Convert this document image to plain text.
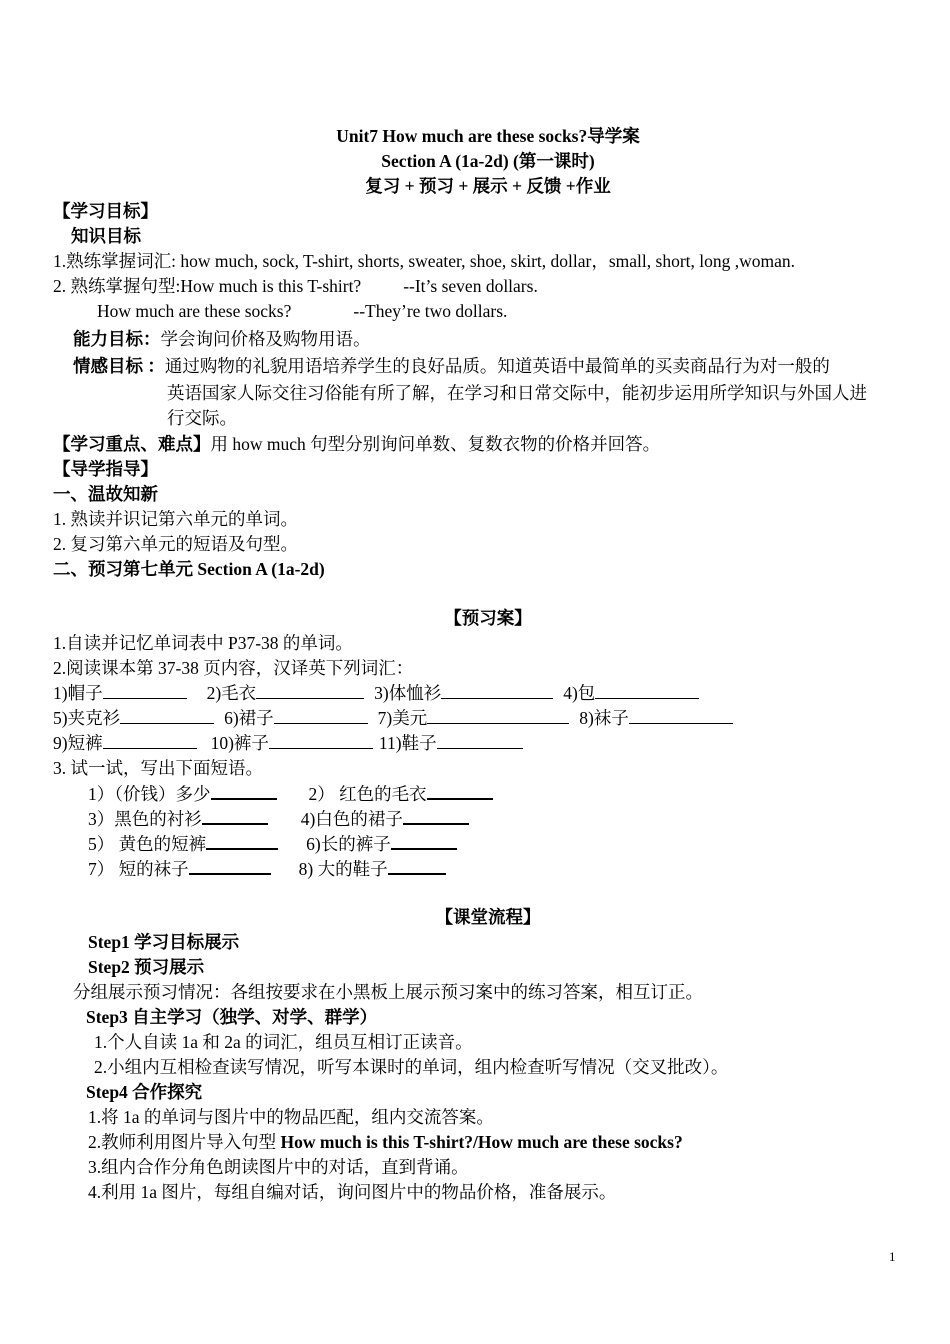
Unit7 How much are these socks?导学案
Section A (1a-2d) (第一课时)
复习 + 预习 + 展示 + 反馈 +作业
【学习目标】
知识目标
1.熟练掌握词汇: how much, sock, T-shirt, shorts, sweater, shoe, skirt, dollar，small, short, long ,woman.
2. 熟练掌握句型:How much is this T-shirt? --It’s seven dollars.
How much are these socks?	--They’re two dollars.
能力目标：学会询问价格及购物用语。
情感目标 ：通过购物的礼貌用语培养学生的良好品质。知道英语中最简单的买卖商品行为对一般的
英语国家人际交往习俗能有所了解，在学习和日常交际中，能初步运用所学知识与外国人进
行交际。
【学习重点、难点】用 how much 句型分别询问单数、复数衣物的价格并回答。
【导学指导】
一、温故知新
1. 熟读并识记第六单元的单词。
2. 复习第六单元的短语及句型。
二、预习第七单元 Section A (1a-2d)
【预习案】
1.自读并记忆单词表中 P37-38 的单词。
2.阅读课本第 37-38 页内容，汉译英下列词汇：
1)帽子	2)毛衣	3)体恤衫	4)包
5)夹克衫	6)裙子	7)美元	8)袜子
9)短裤	10)裤子	11)鞋子
3. 试一试，写出下面短语。
1）（价钱）多少	2） 红色的毛衣
3）黑色的衬衫	4)白色的裙子
5） 黄色的短裤	6)长的裤子
7） 短的袜子	8) 大的鞋子
【课堂流程】
Step1 学习目标展示
Step2 预习展示
分组展示预习情况：各组按要求在小黑板上展示预习案中的练习答案，相互订正。
Step3 自主学习（独学、对学、群学）
1.个人自读 1a 和 2a 的词汇，组员互相订正读音。
2.小组内互相检查读写情况，听写本课时的单词，组内检查听写情况（交叉批改）。
Step4 合作探究
1.将 1a 的单词与图片中的物品匹配，组内交流答案。
2.教师利用图片导入句型 How much is this T-shirt?/How much are these socks?
3.组内合作分角色朗读图片中的对话，直到背诵。
4.利用 1a 图片，每组自编对话，询问图片中的物品价格，准备展示。
1
